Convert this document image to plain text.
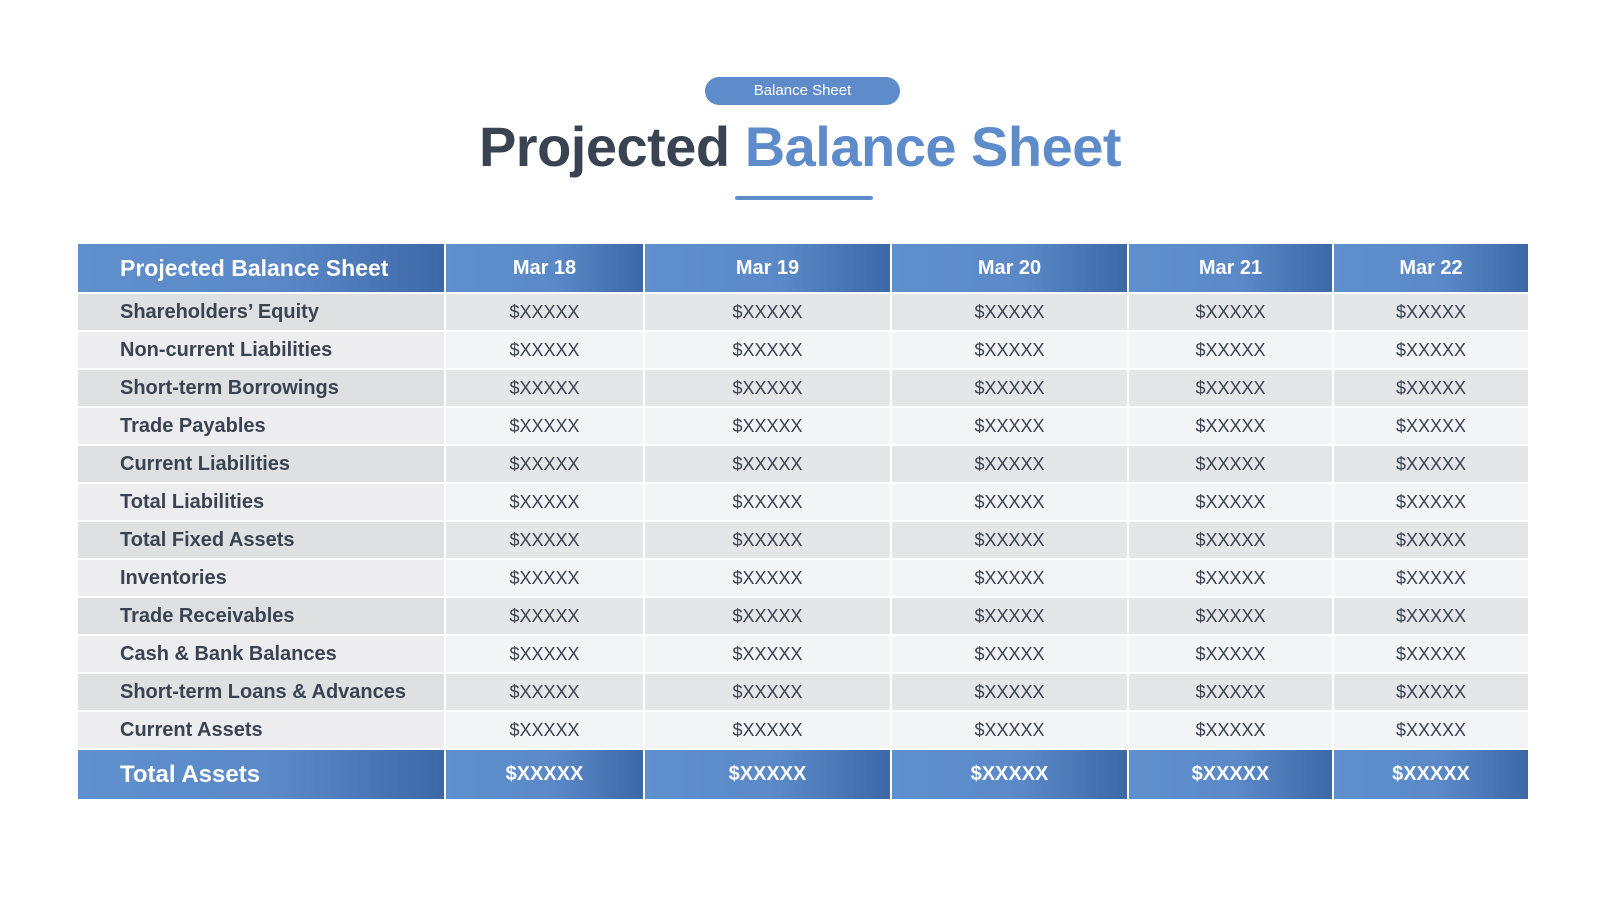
Balance Sheet
Projected Balance Sheet
Projected Balance Sheet	Mar 18	Mar 19	Mar 20	Mar 21	Mar 22
Shareholders’ Equity	$XXXXX	$XXXXX	$XXXXX	$XXXXX	$XXXXX
Non-current Liabilities	$XXXXX	$XXXXX	$XXXXX	$XXXXX	$XXXXX
Short-term Borrowings	$XXXXX	$XXXXX	$XXXXX	$XXXXX	$XXXXX
Trade Payables	$XXXXX	$XXXXX	$XXXXX	$XXXXX	$XXXXX
Current Liabilities	$XXXXX	$XXXXX	$XXXXX	$XXXXX	$XXXXX
Total Liabilities	$XXXXX	$XXXXX	$XXXXX	$XXXXX	$XXXXX
Total Fixed Assets	$XXXXX	$XXXXX	$XXXXX	$XXXXX	$XXXXX
Inventories	$XXXXX	$XXXXX	$XXXXX	$XXXXX	$XXXXX
Trade Receivables	$XXXXX	$XXXXX	$XXXXX	$XXXXX	$XXXXX
Cash & Bank Balances	$XXXXX	$XXXXX	$XXXXX	$XXXXX	$XXXXX
Short-term Loans & Advances	$XXXXX	$XXXXX	$XXXXX	$XXXXX	$XXXXX
Current Assets	$XXXXX	$XXXXX	$XXXXX	$XXXXX	$XXXXX
Total Assets	$XXXXX	$XXXXX	$XXXXX	$XXXXX	$XXXXX
